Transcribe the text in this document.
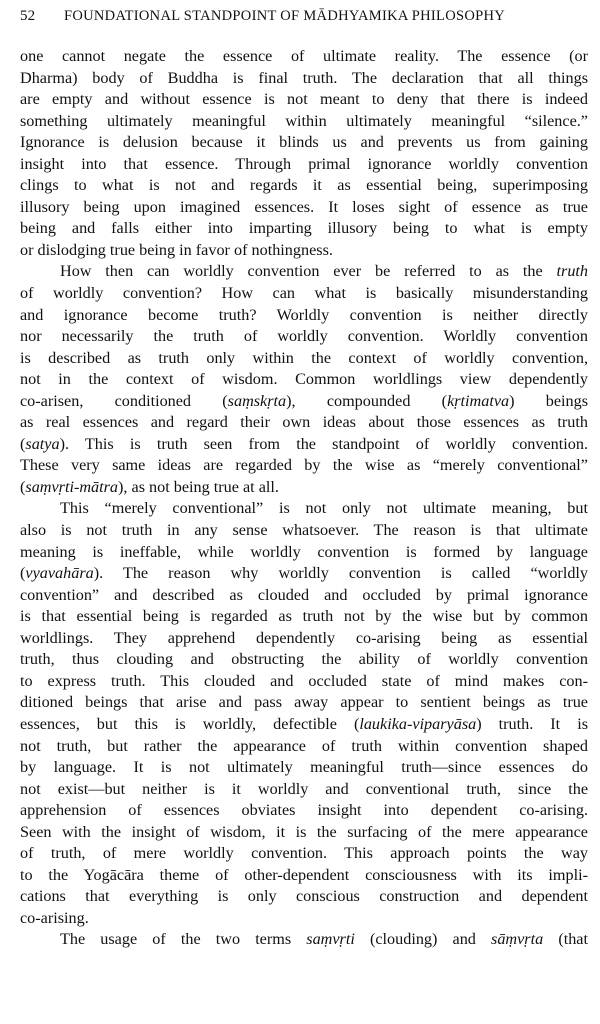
52 FOUNDATIONAL STANDPOINT OF MĀDHYAMIKA PHILOSOPHY
one cannot negate the essence of ultimate reality. The essence (or
Dharma) body of Buddha is final truth. The declaration that all things
are empty and without essence is not meant to deny that there is indeed
something ultimately meaningful within ultimately meaningful “silence.”
Ignorance is delusion because it blinds us and prevents us from gaining
insight into that essence. Through primal ignorance worldly convention
clings to what is not and regards it as essential being, superimposing
illusory being upon imagined essences. It loses sight of essence as true
being and falls either into imparting illusory being to what is empty
or dislodging true being in favor of nothingness.
How then can worldly convention ever be referred to as the truth
of worldly convention? How can what is basically misunderstanding
and ignorance become truth? Worldly convention is neither directly
nor necessarily the truth of worldly convention. Worldly convention
is described as truth only within the context of worldly convention,
not in the context of wisdom. Common worldlings view dependently
co-arisen, conditioned (saṃskṛta), compounded (kṛtimatva) beings
as real essences and regard their own ideas about those essences as truth
(satya). This is truth seen from the standpoint of worldly convention.
These very same ideas are regarded by the wise as “merely conventional”
(saṃvṛti-mātra), as not being true at all.
This “merely conventional” is not only not ultimate meaning, but
also is not truth in any sense whatsoever. The reason is that ultimate
meaning is ineffable, while worldly convention is formed by language
(vyavahāra). The reason why worldly convention is called “worldly
convention” and described as clouded and occluded by primal ignorance
is that essential being is regarded as truth not by the wise but by common
worldlings. They apprehend dependently co-arising being as essential
truth, thus clouding and obstructing the ability of worldly convention
to express truth. This clouded and occluded state of mind makes con-
ditioned beings that arise and pass away appear to sentient beings as true
essences, but this is worldly, defectible (laukika-viparyāsa) truth. It is
not truth, but rather the appearance of truth within convention shaped
by language. It is not ultimately meaningful truth—since essences do
not exist—but neither is it worldly and conventional truth, since the
apprehension of essences obviates insight into dependent co-arising.
Seen with the insight of wisdom, it is the surfacing of the mere appearance
of truth, of mere worldly convention. This approach points the way
to the Yogācāra theme of other-dependent consciousness with its impli-
cations that everything is only conscious construction and dependent
co-arising.
The usage of the two terms saṃvṛti (clouding) and sāṃvṛta (that
